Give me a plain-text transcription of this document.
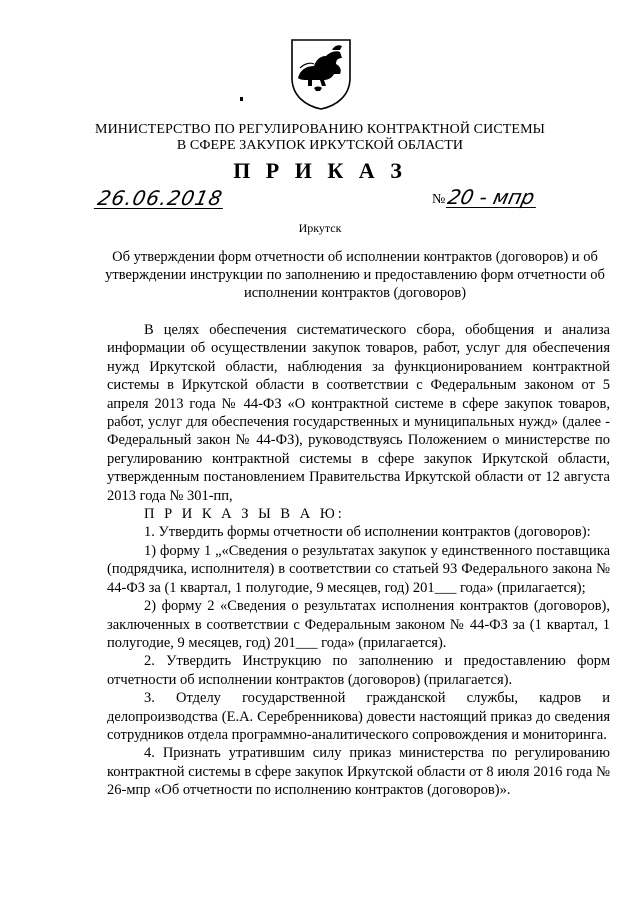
МИНИСТЕРСТВО ПО РЕГУЛИРОВАНИЮ КОНТРАКТНОЙ СИСТЕМЫ
В СФЕРЕ ЗАКУПОК ИРКУТСКОЙ ОБЛАСТИ
П Р И К А З
26.06.2018	№ 20 - мпр
Иркутск
Об утверждении форм отчетности об исполнении контрактов (договоров) и об утверждении инструкции по заполнению и предоставлению форм отчетности об исполнении контрактов (договоров)

В целях обеспечения систематического сбора, обобщения и анализа информации об осуществлении закупок товаров, работ, услуг для обеспечения нужд Иркутской области, наблюдения за функционированием контрактной системы в Иркутской области в соответствии с Федеральным законом от 5 апреля 2013 года № 44-ФЗ «О контрактной системе в сфере закупок товаров, работ, услуг для обеспечения государственных и муниципальных нужд» (далее - Федеральный закон № 44-ФЗ), руководствуясь Положением о министерстве по регулированию контрактной системы в сфере закупок Иркутской области, утвержденным постановлением Правительства Иркутской области от 12 августа 2013 года № 301-пп,

П Р И К А З Ы В А Ю:

1. Утвердить формы отчетности об исполнении контрактов (договоров):

1) форму 1 „«Сведения о результатах закупок у единственного поставщика (подрядчика, исполнителя) в соответствии со статьей 93 Федерального закона № 44-ФЗ за (1 квартал, 1 полугодие, 9 месяцев, год) 201___ года» (прилагается);

2) форму 2 «Сведения о результатах исполнения контрактов (договоров), заключенных в соответствии с Федеральным законом № 44-ФЗ за (1 квартал, 1 полугодие, 9 месяцев, год) 201___ года» (прилагается).

2. Утвердить Инструкцию по заполнению и предоставлению форм отчетности об исполнении контрактов (договоров) (прилагается).

3. Отделу государственной гражданской службы, кадров и делопроизводства (Е.А. Серебренникова) довести настоящий приказ до сведения сотрудников отдела программно-аналитического сопровождения и мониторинга.

4. Признать утратившим силу приказ министерства по регулированию контрактной системы в сфере закупок Иркутской области от 8 июля 2016 года № 26-мпр «Об отчетности по исполнению контрактов (договоров)».
